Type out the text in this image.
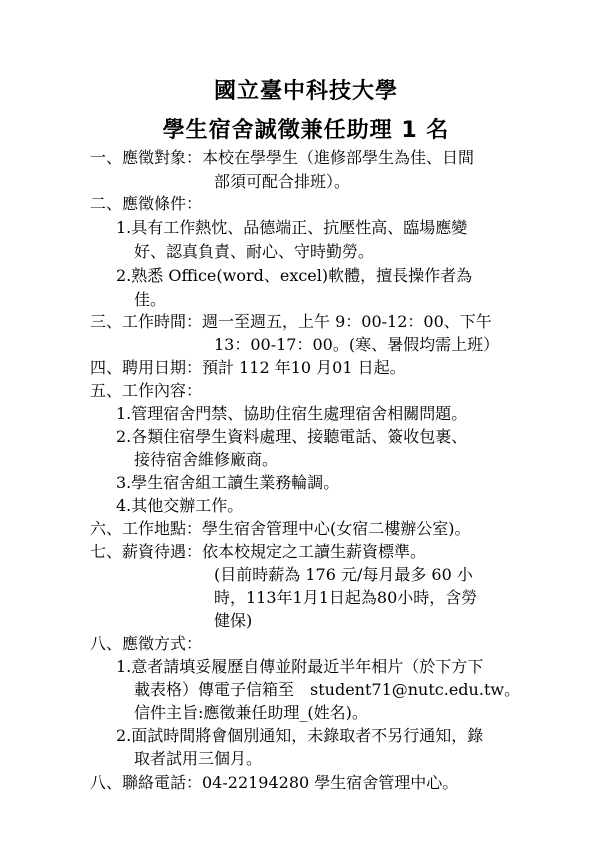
國立臺中科技大學
學生宿舍誠徵兼任助理 1 名

一、應徵對象：本校在學學生（進修部學生為佳、日間

部須可配合排班）。

二、應徵條件：

1.具有工作熱忱、品德端正、抗壓性高、臨場應變

好、認真負責、耐心、守時勤勞。

2.熟悉 Office(word、excel)軟體，擅長操作者為

佳。

三、工作時間：週一至週五，上午 9：00-12：00、下午

13：00-17：00。(寒、暑假均需上班）

四、聘用日期：預計 112 年10 月01 日起。

五、工作內容：

1.管理宿舍門禁、協助住宿生處理宿舍相關問題。

2.各類住宿學生資料處理、接聽電話、簽收包裹、

接待宿舍維修廠商。

3.學生宿舍組工讀生業務輪調。

4.其他交辦工作。

六、工作地點：學生宿舍管理中心(女宿二樓辦公室)。

七、薪資待遇：依本校規定之工讀生薪資標準。

(目前時薪為 176 元/每月最多 60 小

時，113年1月1日起為80小時，含勞

健保)

八、應徵方式：

1.意者請填妥履歷自傳並附最近半年相片（於下方下

載表格）傳電子信箱至　student71@nutc.edu.tw。

信件主旨:應徵兼任助理_(姓名)。

2.面試時間將會個別通知，未錄取者不另行通知，錄

取者試用三個月。

八、聯絡電話：04-22194280 學生宿舍管理中心。
